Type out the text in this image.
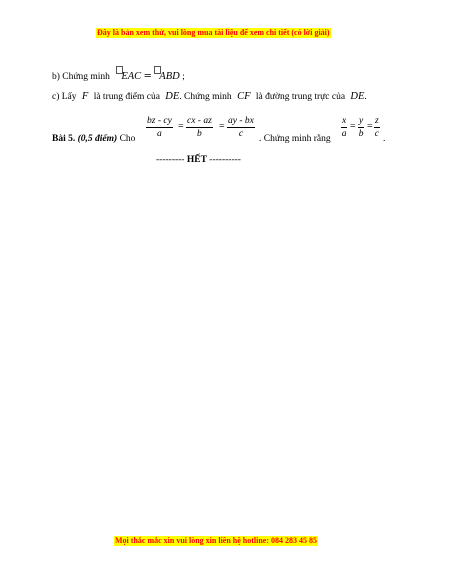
Đây là bản xem thử, vui lòng mua tài liệu để xem chi tiết (có lời giải)
b) Chứng minh EAC = ABD ;
c) Lấy F là trung điểm của DE. Chứng minh CF là đường trung trực của DE.
Bài 5. (0,5 điểm) Cho $\frac{bz - cy}{a} = \frac{cx - az}{b} = \frac{ay - bx}{c}$ . Chứng minh rằng $\frac{x}{a} = \frac{y}{b} = \frac{z}{c}$ .
--------- HẾT ----------
Mọi thắc mắc xin vui lòng xin liên hệ hotline: 084 283 45 85
